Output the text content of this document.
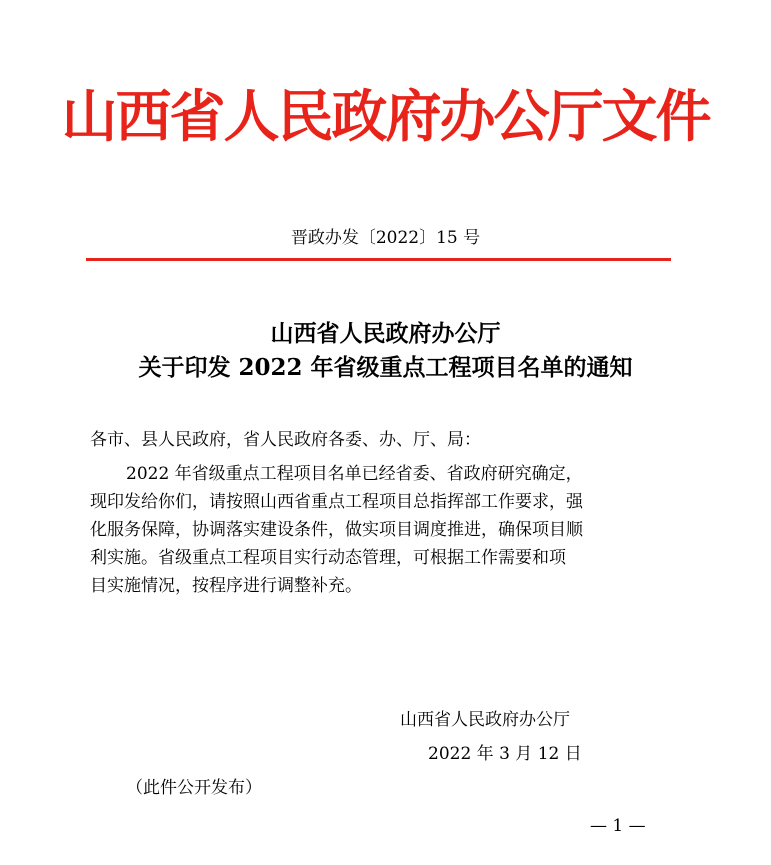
山西省人民政府办公厅文件
晋政办发〔2022〕15 号
山西省人民政府办公厅
关于印发 2022 年省级重点工程项目名单的通知
各市、县人民政府，省人民政府各委、办、厅、局：
2022 年省级重点工程项目名单已经省委、省政府研究确定，
现印发给你们，请按照山西省重点工程项目总指挥部工作要求，强
化服务保障，协调落实建设条件，做实项目调度推进，确保项目顺
利实施。省级重点工程项目实行动态管理，可根据工作需要和项
目实施情况，按程序进行调整补充。
山西省人民政府办公厅
2022 年 3 月 12 日
（此件公开发布）
— 1 —
